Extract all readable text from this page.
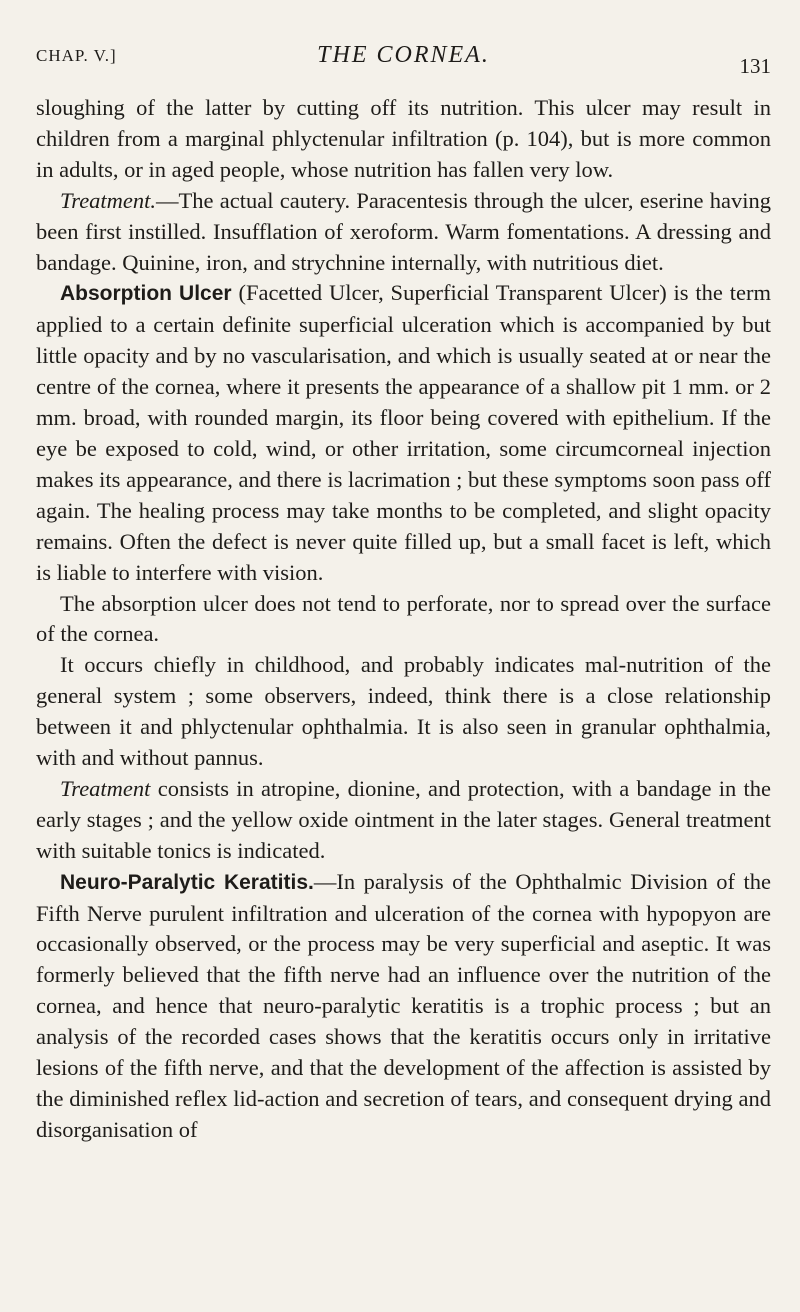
CHAP. V.]	THE CORNEA.	131

sloughing of the latter by cutting off its nutrition. This ulcer may result in children from a marginal phlyctenular infiltration (p. 104), but is more common in adults, or in aged people, whose nutrition has fallen very low.

Treatment.—The actual cautery. Paracentesis through the ulcer, eserine having been first instilled. Insufflation of xeroform. Warm fomentations. A dressing and bandage. Quinine, iron, and strychnine internally, with nutritious diet.

Absorption Ulcer (Facetted Ulcer, Superficial Transparent Ulcer) is the term applied to a certain definite superficial ulceration which is accompanied by but little opacity and by no vascularisation, and which is usually seated at or near the centre of the cornea, where it presents the appearance of a shallow pit 1 mm. or 2 mm. broad, with rounded margin, its floor being covered with epithelium. If the eye be exposed to cold, wind, or other irritation, some circumcorneal injection makes its appearance, and there is lacrimation ; but these symptoms soon pass off again. The healing process may take months to be completed, and slight opacity remains. Often the defect is never quite filled up, but a small facet is left, which is liable to interfere with vision.

The absorption ulcer does not tend to perforate, nor to spread over the surface of the cornea.

It occurs chiefly in childhood, and probably indicates mal-nutrition of the general system ; some observers, indeed, think there is a close relationship between it and phlyctenular ophthalmia. It is also seen in granular ophthalmia, with and without pannus.

Treatment consists in atropine, dionine, and protection, with a bandage in the early stages ; and the yellow oxide ointment in the later stages. General treatment with suitable tonics is indicated.

Neuro-Paralytic Keratitis.—In paralysis of the Ophthalmic Division of the Fifth Nerve purulent infiltration and ulceration of the cornea with hypopyon are occasionally observed, or the process may be very superficial and aseptic. It was formerly believed that the fifth nerve had an influence over the nutrition of the cornea, and hence that neuro-paralytic keratitis is a trophic process ; but an analysis of the recorded cases shows that the keratitis occurs only in irritative lesions of the fifth nerve, and that the development of the affection is assisted by the diminished reflex lid-action and secretion of tears, and consequent drying and disorganisation of
